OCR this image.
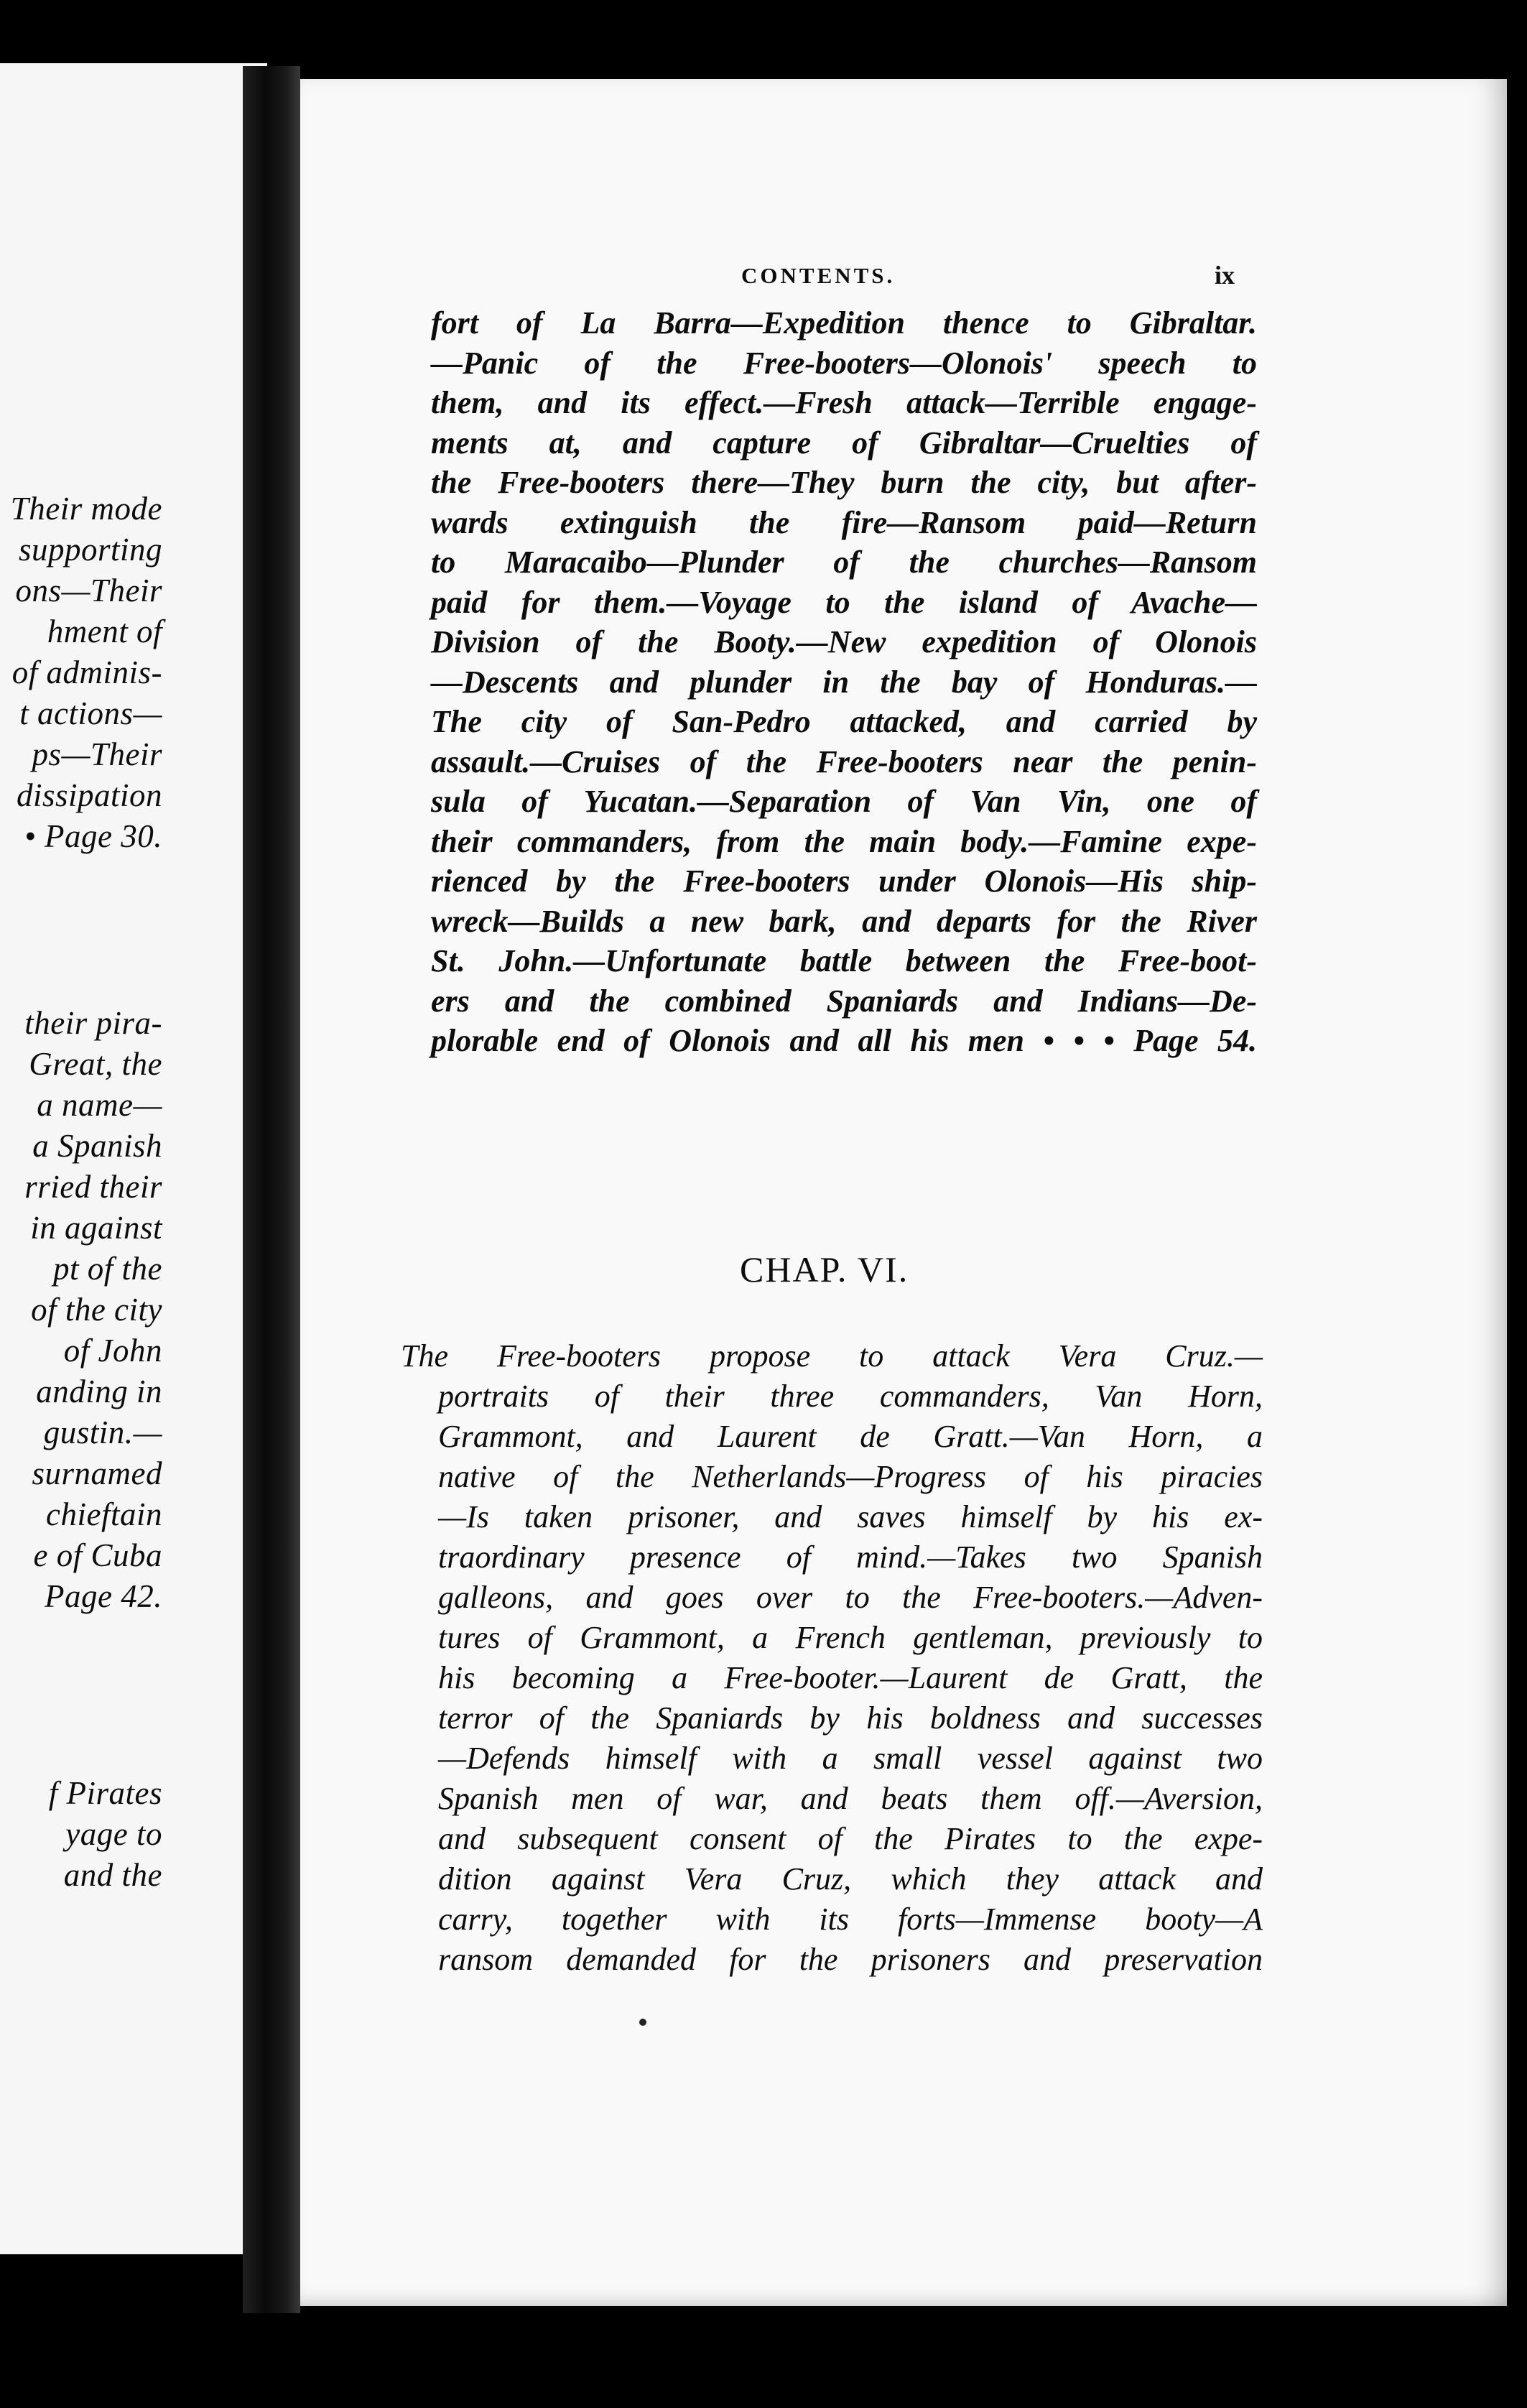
Their mode
supporting
ons—Their
hment of
of adminis-
t actions—
ps—Their
dissipation
• Page 30.
their pira-
Great, the
a name—
a Spanish
rried their
in against
pt of the
of the city
of John
anding in
gustin.—
surnamed
chieftain
e of Cuba
Page 42.
f Pirates
yage to
and the
CONTENTS.	ix
fort of La Barra—Expedition thence to Gibraltar.
—Panic of the Free-booters—Olonois' speech to
them, and its effect.—Fresh attack—Terrible engage-
ments at, and capture of Gibraltar—Cruelties of
the Free-booters there—They burn the city, but after-
wards extinguish the fire—Ransom paid—Return
to Maracaibo—Plunder of the churches—Ransom
paid for them.—Voyage to the island of Avache—
Division of the Booty.—New expedition of Olonois
—Descents and plunder in the bay of Honduras.—
The city of San-Pedro attacked, and carried by
assault.—Cruises of the Free-booters near the penin-
sula of Yucatan.—Separation of Van Vin, one of
their commanders, from the main body.—Famine expe-
rienced by the Free-booters under Olonois—His ship-
wreck—Builds a new bark, and departs for the River
St. John.—Unfortunate battle between the Free-boot-
ers and the combined Spaniards and Indians—De-
plorable end of Olonois and all his men • • • Page 54.
CHAP. VI.
The Free-booters propose to attack Vera Cruz.—
portraits of their three commanders, Van Horn,
Grammont, and Laurent de Gratt.—Van Horn, a
native of the Netherlands—Progress of his piracies
—Is taken prisoner, and saves himself by his ex-
traordinary presence of mind.—Takes two Spanish
galleons, and goes over to the Free-booters.—Adven-
tures of Grammont, a French gentleman, previously to
his becoming a Free-booter.—Laurent de Gratt, the
terror of the Spaniards by his boldness and successes
—Defends himself with a small vessel against two
Spanish men of war, and beats them off.—Aversion,
and subsequent consent of the Pirates to the expe-
dition against Vera Cruz, which they attack and
carry, together with its forts—Immense booty—A
ransom demanded for the prisoners and preservation
